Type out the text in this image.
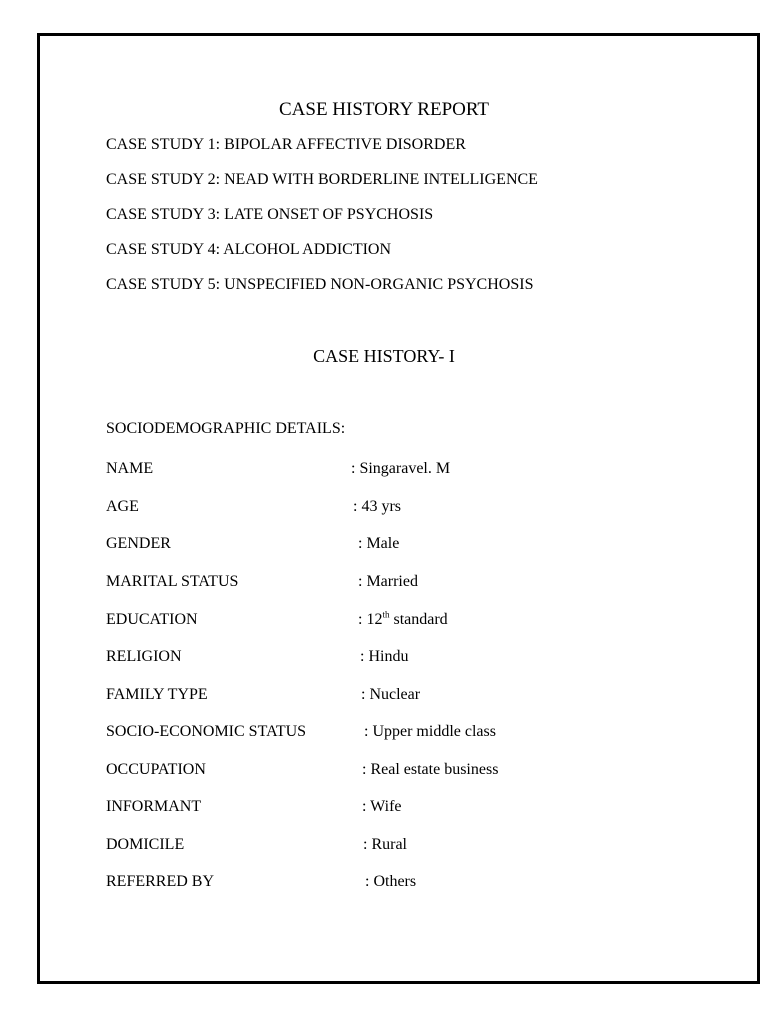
CASE HISTORY REPORT
CASE STUDY 1: BIPOLAR AFFECTIVE DISORDER
CASE STUDY 2: NEAD WITH BORDERLINE INTELLIGENCE
CASE STUDY 3: LATE ONSET OF PSYCHOSIS
CASE STUDY 4: ALCOHOL ADDICTION
CASE STUDY 5: UNSPECIFIED NON-ORGANIC PSYCHOSIS
CASE HISTORY- I
SOCIODEMOGRAPHIC DETAILS:
NAME	: Singaravel. M
AGE	: 43 yrs
GENDER	: Male
MARITAL STATUS	: Married
EDUCATION	: 12th standard
RELIGION	: Hindu
FAMILY TYPE	: Nuclear
SOCIO-ECONOMIC STATUS	: Upper middle class
OCCUPATION	: Real estate business
INFORMANT	: Wife
DOMICILE	: Rural
REFERRED BY	: Others
